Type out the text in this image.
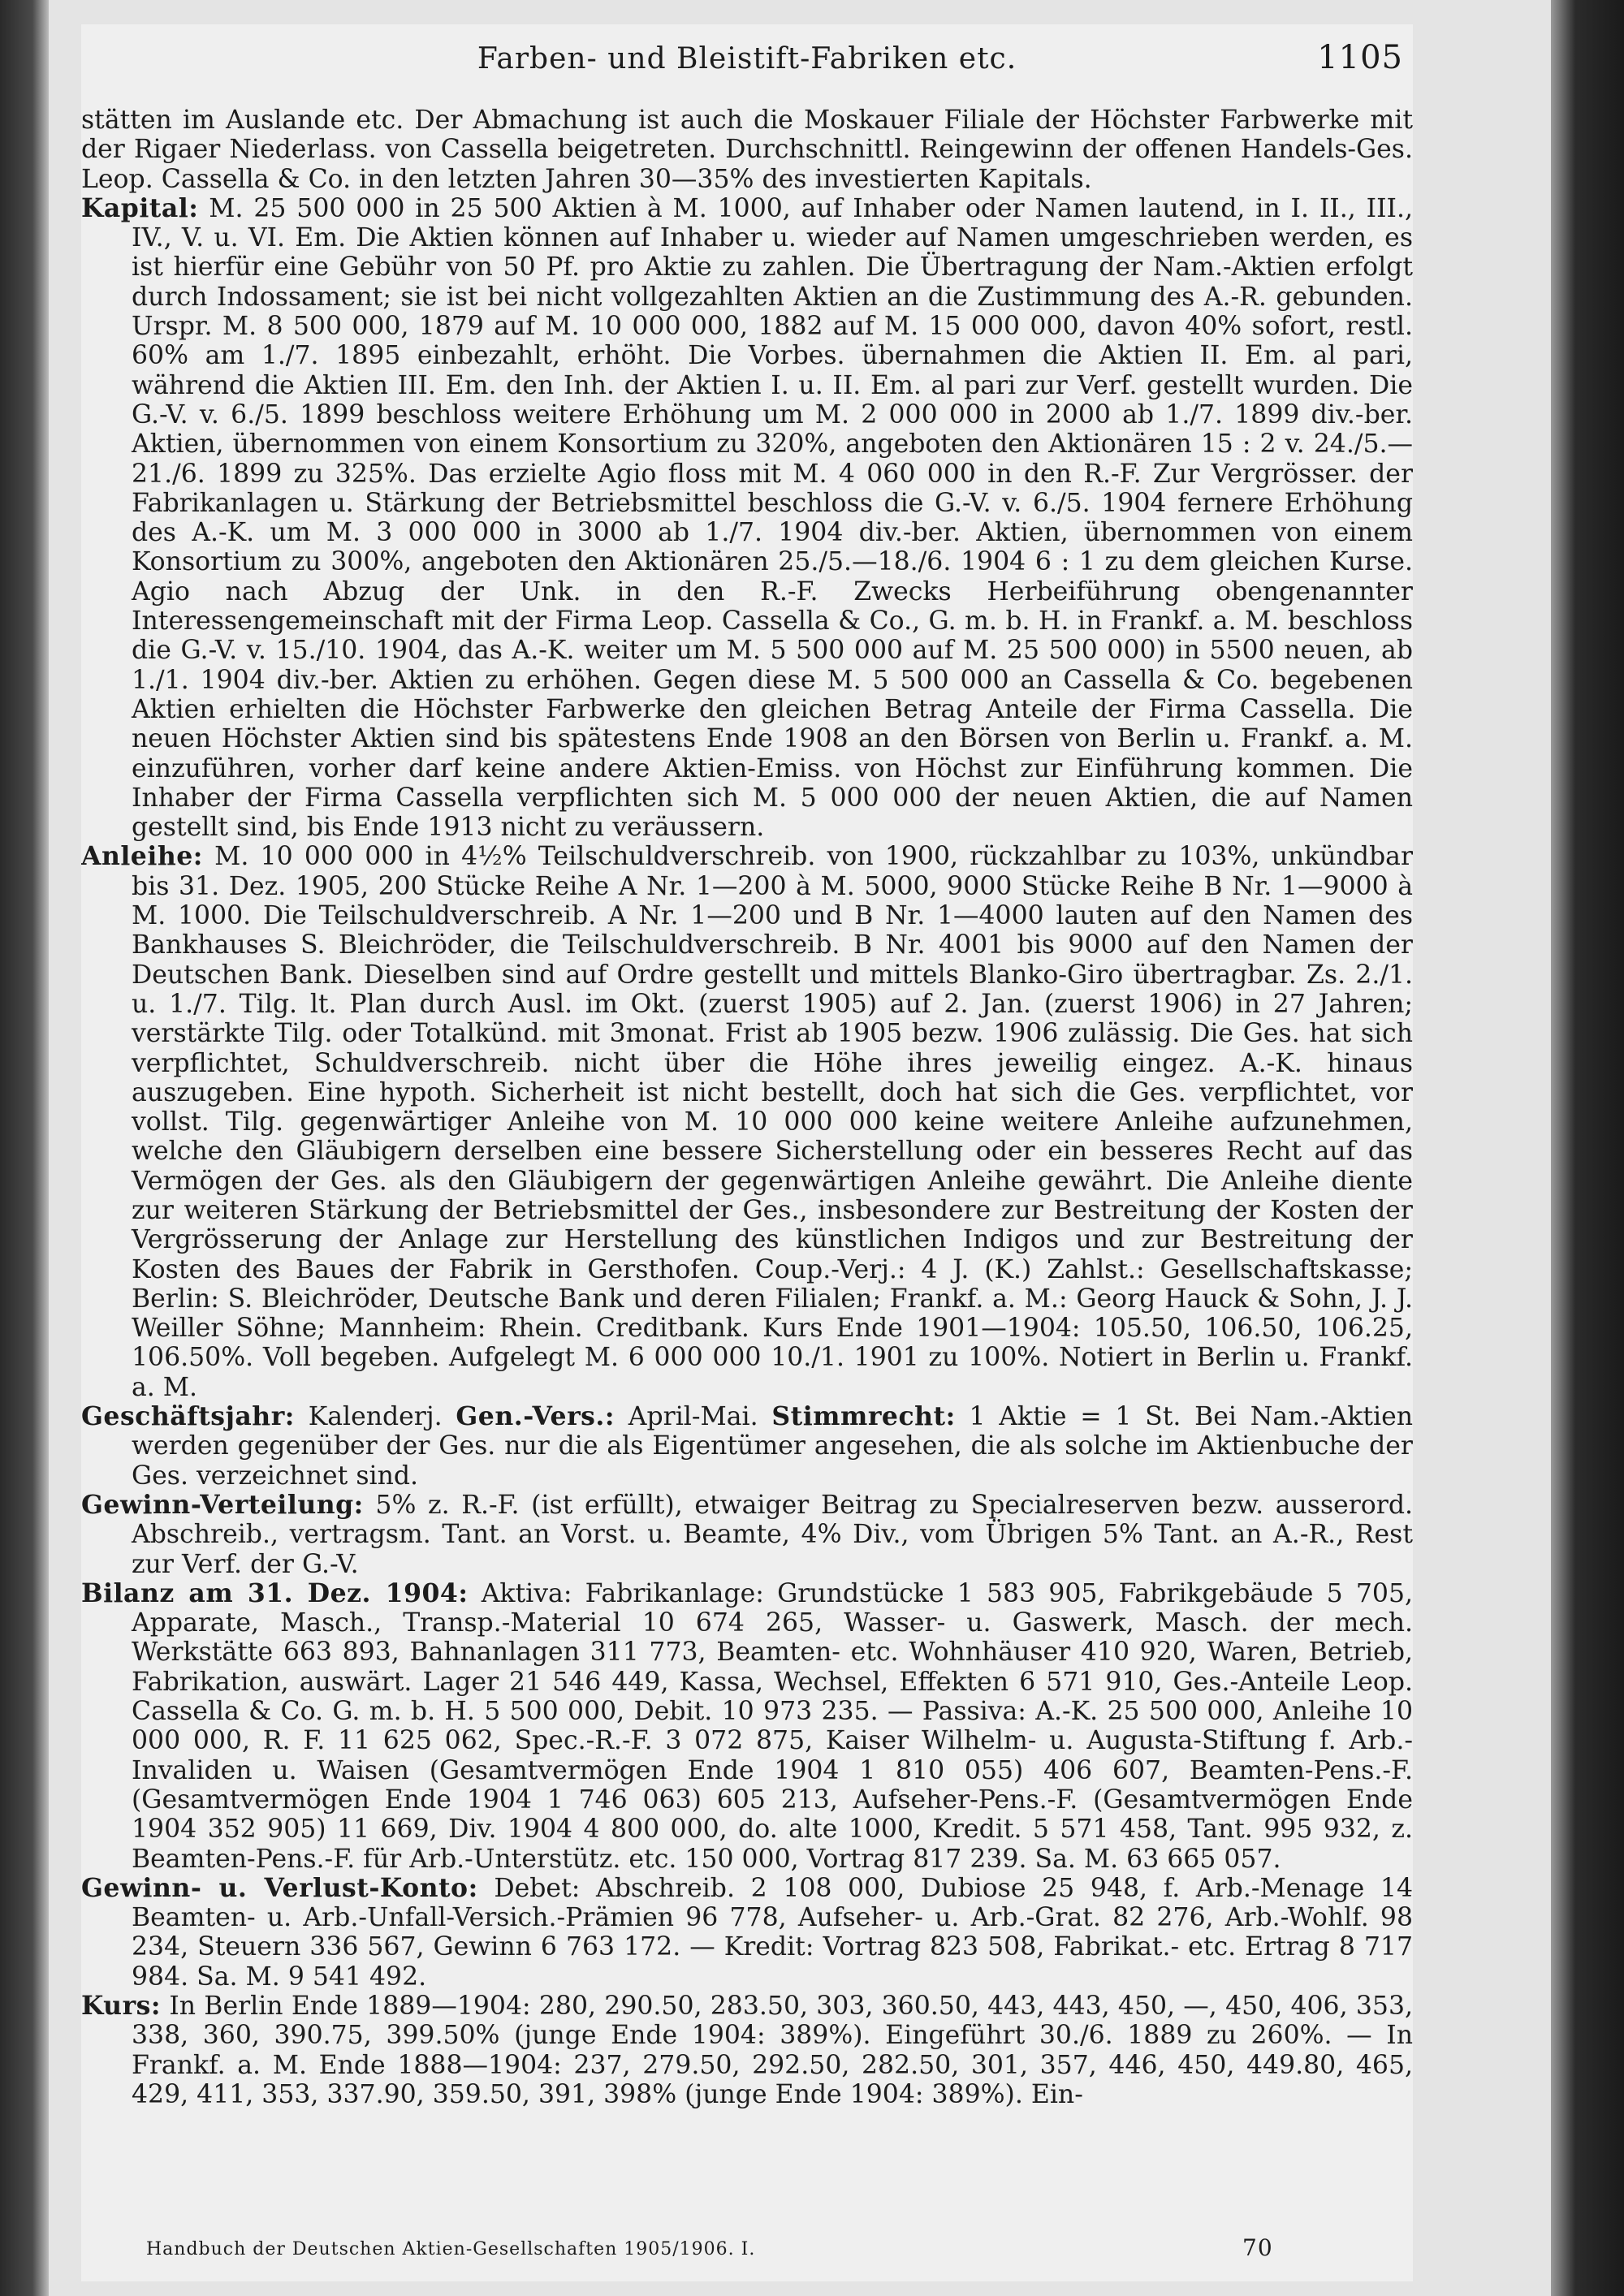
Farben- und Bleistift-Fabriken etc.	1105

stätten im Auslande etc. Der Abmachung ist auch die Moskauer Filiale der Höchster Farbwerke mit der Rigaer Niederlass. von Cassella beigetreten. Durchschnittl. Reingewinn der offenen Handels-Ges. Leop. Cassella & Co. in den letzten Jahren 30—35% des investierten Kapitals.

Kapital: M. 25 500 000 in 25 500 Aktien à M. 1000, auf Inhaber oder Namen lautend, in I. II., III., IV., V. u. VI. Em. Die Aktien können auf Inhaber u. wieder auf Namen umgeschrieben werden, es ist hierfür eine Gebühr von 50 Pf. pro Aktie zu zahlen. Die Übertragung der Nam.-Aktien erfolgt durch Indossament; sie ist bei nicht vollgezahlten Aktien an die Zustimmung des A.-R. gebunden. Urspr. M. 8 500 000, 1879 auf M. 10 000 000, 1882 auf M. 15 000 000, davon 40% sofort, restl. 60% am 1./7. 1895 einbezahlt, erhöht. Die Vorbes. übernahmen die Aktien II. Em. al pari, während die Aktien III. Em. den Inh. der Aktien I. u. II. Em. al pari zur Verf. gestellt wurden. Die G.-V. v. 6./5. 1899 beschloss weitere Erhöhung um M. 2 000 000 in 2000 ab 1./7. 1899 div.-ber. Aktien, übernommen von einem Konsortium zu 320%, angeboten den Aktionären 15 : 2 v. 24./5.—21./6. 1899 zu 325%. Das erzielte Agio floss mit M. 4 060 000 in den R.-F. Zur Vergrösser. der Fabrikanlagen u. Stärkung der Betriebsmittel beschloss die G.-V. v. 6./5. 1904 fernere Erhöhung des A.-K. um M. 3 000 000 in 3000 ab 1./7. 1904 div.-ber. Aktien, übernommen von einem Konsortium zu 300%, angeboten den Aktionären 25./5.—18./6. 1904 6 : 1 zu dem gleichen Kurse. Agio nach Abzug der Unk. in den R.-F. Zwecks Herbeiführung obengenannter Interessengemeinschaft mit der Firma Leop. Cassella & Co., G. m. b. H. in Frankf. a. M. beschloss die G.-V. v. 15./10. 1904, das A.-K. weiter um M. 5 500 000 auf M. 25 500 000) in 5500 neuen, ab 1./1. 1904 div.-ber. Aktien zu erhöhen. Gegen diese M. 5 500 000 an Cassella & Co. begebenen Aktien erhielten die Höchster Farbwerke den gleichen Betrag Anteile der Firma Cassella. Die neuen Höchster Aktien sind bis spätestens Ende 1908 an den Börsen von Berlin u. Frankf. a. M. einzuführen, vorher darf keine andere Aktien-Emiss. von Höchst zur Einführung kommen. Die Inhaber der Firma Cassella verpflichten sich M. 5 000 000 der neuen Aktien, die auf Namen gestellt sind, bis Ende 1913 nicht zu veräussern.

Anleihe: M. 10 000 000 in 4½% Teilschuldverschreib. von 1900, rückzahlbar zu 103%, unkündbar bis 31. Dez. 1905, 200 Stücke Reihe A Nr. 1—200 à M. 5000, 9000 Stücke Reihe B Nr. 1—9000 à M. 1000. Die Teilschuldverschreib. A Nr. 1—200 und B Nr. 1—4000 lauten auf den Namen des Bankhauses S. Bleichröder, die Teilschuldverschreib. B Nr. 4001 bis 9000 auf den Namen der Deutschen Bank. Dieselben sind auf Ordre gestellt und mittels Blanko-Giro übertragbar. Zs. 2./1. u. 1./7. Tilg. lt. Plan durch Ausl. im Okt. (zuerst 1905) auf 2. Jan. (zuerst 1906) in 27 Jahren; verstärkte Tilg. oder Totalkünd. mit 3monat. Frist ab 1905 bezw. 1906 zulässig. Die Ges. hat sich verpflichtet, Schuldverschreib. nicht über die Höhe ihres jeweilig eingez. A.-K. hinaus auszugeben. Eine hypoth. Sicherheit ist nicht bestellt, doch hat sich die Ges. verpflichtet, vor vollst. Tilg. gegenwärtiger Anleihe von M. 10 000 000 keine weitere Anleihe aufzunehmen, welche den Gläubigern derselben eine bessere Sicherstellung oder ein besseres Recht auf das Vermögen der Ges. als den Gläubigern der gegenwärtigen Anleihe gewährt. Die Anleihe diente zur weiteren Stärkung der Betriebsmittel der Ges., insbesondere zur Bestreitung der Kosten der Vergrösserung der Anlage zur Herstellung des künstlichen Indigos und zur Bestreitung der Kosten des Baues der Fabrik in Gersthofen. Coup.-Verj.: 4 J. (K.) Zahlst.: Gesellschaftskasse; Berlin: S. Bleichröder, Deutsche Bank und deren Filialen; Frankf. a. M.: Georg Hauck & Sohn, J. J. Weiller Söhne; Mannheim: Rhein. Creditbank. Kurs Ende 1901—1904: 105.50, 106.50, 106.25, 106.50%. Voll begeben. Aufgelegt M. 6 000 000 10./1. 1901 zu 100%. Notiert in Berlin u. Frankf. a. M.

Geschäftsjahr: Kalenderj. Gen.-Vers.: April-Mai. Stimmrecht: 1 Aktie = 1 St. Bei Nam.-Aktien werden gegenüber der Ges. nur die als Eigentümer angesehen, die als solche im Aktienbuche der Ges. verzeichnet sind.

Gewinn-Verteilung: 5% z. R.-F. (ist erfüllt), etwaiger Beitrag zu Specialreserven bezw. ausserord. Abschreib., vertragsm. Tant. an Vorst. u. Beamte, 4% Div., vom Übrigen 5% Tant. an A.-R., Rest zur Verf. der G.-V.

Bilanz am 31. Dez. 1904: Aktiva: Fabrikanlage: Grundstücke 1 583 905, Fabrikgebäude 5 705, Apparate, Masch., Transp.-Material 10 674 265, Wasser- u. Gaswerk, Masch. der mech. Werkstätte 663 893, Bahnanlagen 311 773, Beamten- etc. Wohnhäuser 410 920, Waren, Betrieb, Fabrikation, auswärt. Lager 21 546 449, Kassa, Wechsel, Effekten 6 571 910, Ges.-Anteile Leop. Cassella & Co. G. m. b. H. 5 500 000, Debit. 10 973 235. — Passiva: A.-K. 25 500 000, Anleihe 10 000 000, R. F. 11 625 062, Spec.-R.-F. 3 072 875, Kaiser Wilhelm- u. Augusta-Stiftung f. Arb.-Invaliden u. Waisen (Gesamtvermögen Ende 1904 1 810 055) 406 607, Beamten-Pens.-F. (Gesamtvermögen Ende 1904 1 746 063) 605 213, Aufseher-Pens.-F. (Gesamtvermögen Ende 1904 352 905) 11 669, Div. 1904 4 800 000, do. alte 1000, Kredit. 5 571 458, Tant. 995 932, z. Beamten-Pens.-F. für Arb.-Unterstütz. etc. 150 000, Vortrag 817 239. Sa. M. 63 665 057.

Gewinn- u. Verlust-Konto: Debet: Abschreib. 2 108 000, Dubiose 25 948, f. Arb.-Menage 14 Beamten- u. Arb.-Unfall-Versich.-Prämien 96 778, Aufseher- u. Arb.-Grat. 82 276, Arb.-Wohlf. 98 234, Steuern 336 567, Gewinn 6 763 172. — Kredit: Vortrag 823 508, Fabrikat.- etc. Ertrag 8 717 984. Sa. M. 9 541 492.

Kurs: In Berlin Ende 1889—1904: 280, 290.50, 283.50, 303, 360.50, 443, 443, 450, —, 450, 406, 353, 338, 360, 390.75, 399.50% (junge Ende 1904: 389%). Eingeführt 30./6. 1889 zu 260%. — In Frankf. a. M. Ende 1888—1904: 237, 279.50, 292.50, 282.50, 301, 357, 446, 450, 449.80, 465, 429, 411, 353, 337.90, 359.50, 391, 398% (junge Ende 1904: 389%). Ein-

Handbuch der Deutschen Aktien-Gesellschaften 1905/1906. I.	70
